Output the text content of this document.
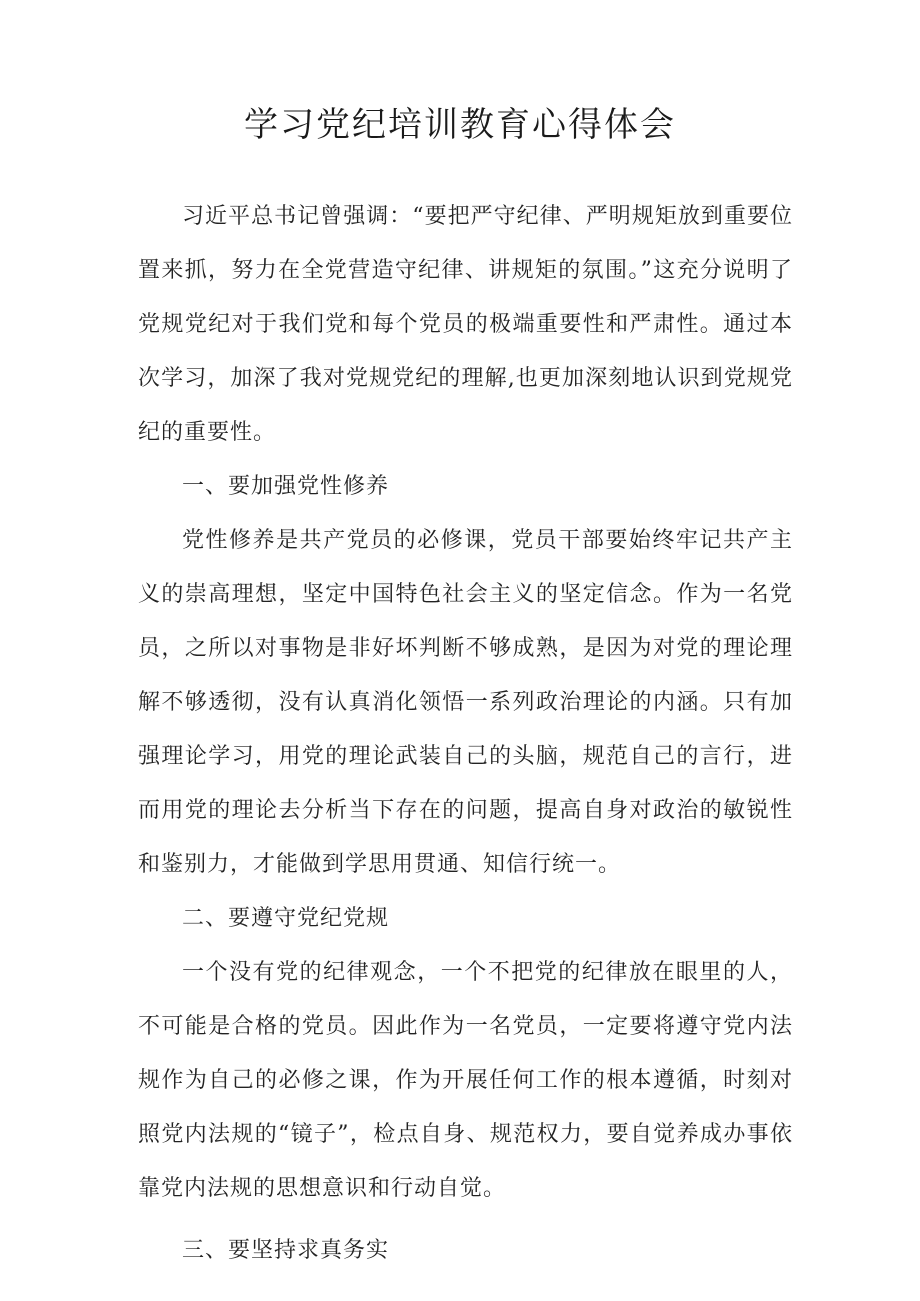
学习党纪培训教育心得体会

习近平总书记曾强调：“要把严守纪律、严明规矩放到重要位置来抓，努力在全党营造守纪律、讲规矩的氛围。”这充分说明了党规党纪对于我们党和每个党员的极端重要性和严肃性。通过本次学习，加深了我对党规党纪的理解,也更加深刻地认识到党规党纪的重要性。

一、要加强党性修养

党性修养是共产党员的必修课，党员干部要始终牢记共产主义的崇高理想，坚定中国特色社会主义的坚定信念。作为一名党员，之所以对事物是非好坏判断不够成熟，是因为对党的理论理解不够透彻，没有认真消化领悟一系列政治理论的内涵。只有加强理论学习，用党的理论武装自己的头脑，规范自己的言行，进而用党的理论去分析当下存在的问题，提高自身对政治的敏锐性和鉴别力，才能做到学思用贯通、知信行统一。

二、要遵守党纪党规

一个没有党的纪律观念，一个不把党的纪律放在眼里的人，不可能是合格的党员。因此作为一名党员，一定要将遵守党内法规作为自己的必修之课，作为开展任何工作的根本遵循，时刻对照党内法规的“镜子”，检点自身、规范权力，要自觉养成办事依靠党内法规的思想意识和行动自觉。

三、要坚持求真务实
